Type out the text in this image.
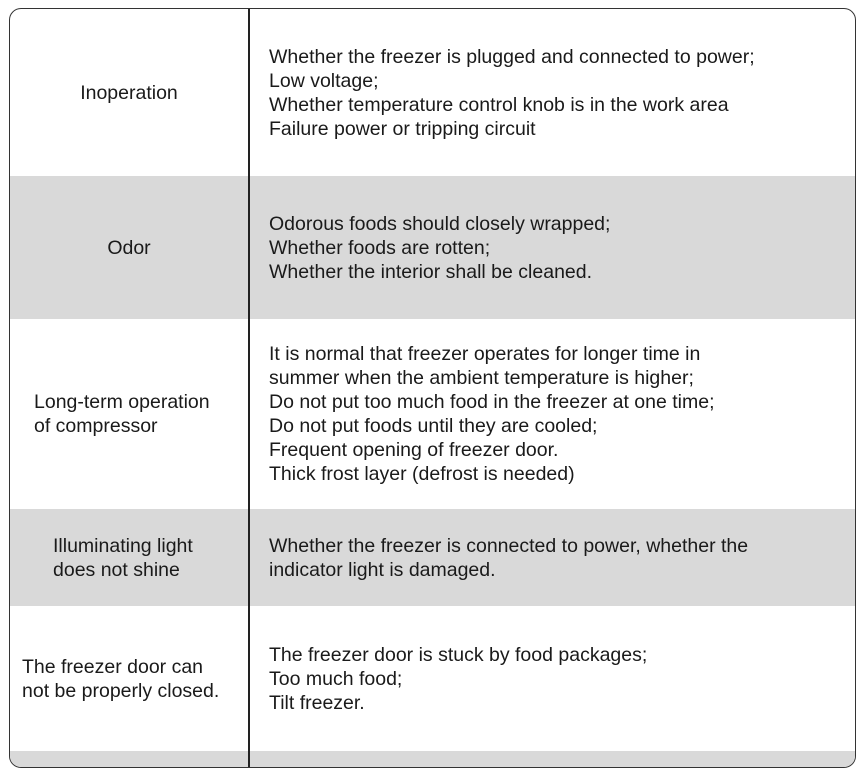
Inoperation
Whether the freezer is plugged and connected to power;
Low voltage;
Whether temperature control knob is in the work area
Failure power or tripping circuit
Odor
Odorous foods should closely wrapped;
Whether foods are rotten;
Whether the interior shall be cleaned.
Long-term operation
of compressor
It is normal that freezer operates for longer time in
summer when the ambient temperature is higher;
Do not put too much food in the freezer at one time;
Do not put foods until they are cooled;
Frequent opening of freezer door.
Thick frost layer (defrost is needed)
Illuminating light
does not shine
Whether the freezer is connected to power, whether the
indicator light is damaged.
The freezer door can
not be properly closed.
The freezer door is stuck by food packages;
Too much food;
Tilt freezer.
